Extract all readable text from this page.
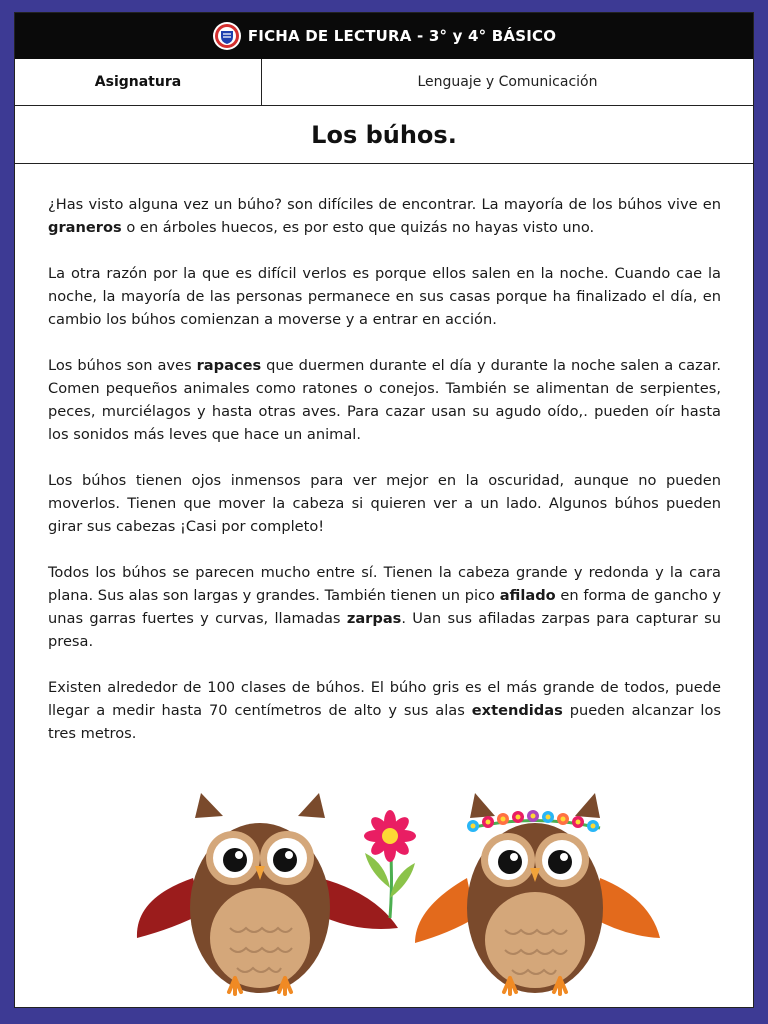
FICHA DE LECTURA - 3° y 4° BÁSICO
Asignatura	Lenguaje y Comunicación
Los búhos.

¿Has visto alguna vez un búho? son difíciles de encontrar. La mayoría de los búhos vive en graneros o en árboles huecos, es por esto que quizás no hayas visto uno.

La otra razón por la que es difícil verlos es porque ellos salen en la noche. Cuando cae la noche, la mayoría de las personas permanece en sus casas porque ha finalizado el día, en cambio los búhos comienzan a moverse y a entrar en acción.

Los búhos son aves rapaces que duermen durante el día y durante la noche salen a cazar. Comen pequeños animales como ratones o conejos. También se alimentan de serpientes, peces, murciélagos y hasta otras aves. Para cazar usan su agudo oído,. pueden oír hasta los sonidos más leves que hace un animal.

Los búhos tienen ojos inmensos para ver mejor en la oscuridad, aunque no pueden moverlos. Tienen que mover la cabeza si quieren ver a un lado. Algunos búhos pueden girar sus cabezas ¡Casi por completo!

Todos los búhos se parecen mucho entre sí. Tienen la cabeza grande y redonda y la cara plana. Sus alas son largas y grandes. También tienen un pico afilado en forma de gancho y unas garras fuertes y curvas, llamadas zarpas. Uan sus afiladas zarpas para capturar su presa.

Existen alrededor de 100 clases de búhos. El búho gris es el más grande de todos, puede llegar a medir hasta 70 centímetros de alto y sus alas extendidas pueden alcanzar los tres metros.
